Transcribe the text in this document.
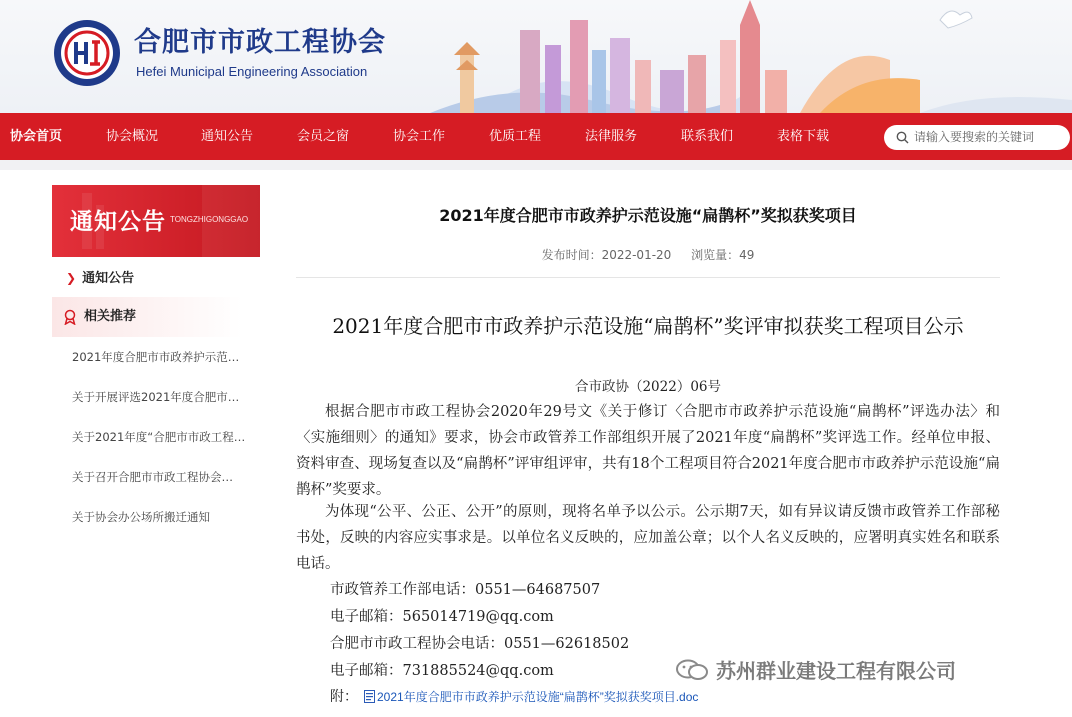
合肥市市政工程协会
Hefei Municipal Engineering Association
协会首页	协会概况	通知公告	会员之窗	协会工作	优质工程	法律服务	联系我们	表格下载	请输入要搜索的关键词
通知公告 TONGZHIGONGGAO
❯ 通知公告
相关推荐
2021年度合肥市市政养护示范…
关于开展评选2021年度合肥市…
关于2021年度“合肥市市政工程…
关于召开合肥市市政工程协会…
关于协会办公场所搬迁通知
2021年度合肥市市政养护示范设施“扁鹊杯”奖拟获奖项目
发布时间：2022-01-20 浏览量：49
2021年度合肥市市政养护示范设施“扁鹊杯”奖评审拟获奖工程项目公示
合市政协（2022）06号
根据合肥市市政工程协会2020年29号文《关于修订〈合肥市市政养护示范设施“扁鹊杯”评选办法〉和〈实施细则〉的通知》要求，协会市政管养工作部组织开展了2021年度“扁鹊杯”奖评选工作。经单位申报、资料审查、现场复查以及“扁鹊杯”评审组评审，共有18个工程项目符合2021年度合肥市市政养护示范设施“扁鹊杯”奖要求。
为体现“公平、公正、公开”的原则，现将名单予以公示。公示期7天，如有异议请反馈市政管养工作部秘书处，反映的内容应实事求是。以单位名义反映的，应加盖公章；以个人名义反映的，应署明真实姓名和联系电话。
市政管养工作部电话：0551—64687507
电子邮箱：565014719@qq.com
合肥市市政工程协会电话：0551—62618502
电子邮箱：731885524@qq.com
附： 2021年度合肥市市政养护示范设施“扁鹊杯”奖拟获奖项目.doc
苏州群业建设工程有限公司
